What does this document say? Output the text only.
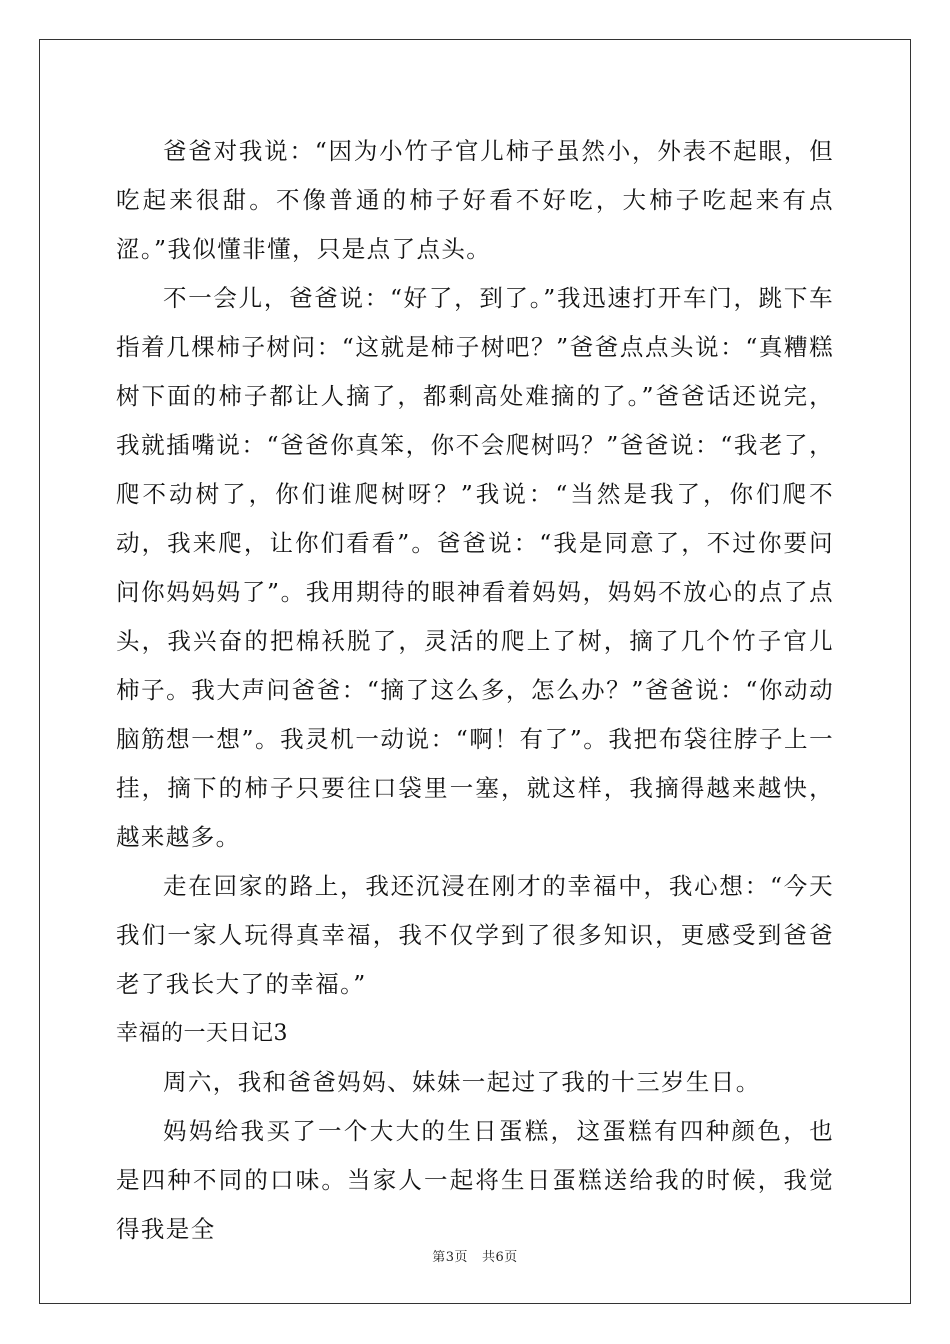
爸爸对我说：“因为小竹子官儿柿子虽然小，外表不起眼，但吃起来很甜。不像普通的柿子好看不好吃，大柿子吃起来有点涩。”我似懂非懂，只是点了点头。

不一会儿，爸爸说：“好了，到了。”我迅速打开车门，跳下车指着几棵柿子树问：“这就是柿子树吧？”爸爸点点头说：“真糟糕树下面的柿子都让人摘了，都剩高处难摘的了。”爸爸话还说完，我就插嘴说：“爸爸你真笨，你不会爬树吗？”爸爸说：“我老了，爬不动树了，你们谁爬树呀？”我说：“当然是我了，你们爬不动，我来爬，让你们看看”。爸爸说：“我是同意了，不过你要问问你妈妈妈了”。我用期待的眼神看着妈妈，妈妈不放心的点了点头，我兴奋的把棉袄脱了，灵活的爬上了树，摘了几个竹子官儿柿子。我大声问爸爸：“摘了这么多，怎么办？”爸爸说：“你动动脑筋想一想”。我灵机一动说：“啊！有了”。我把布袋往脖子上一挂，摘下的柿子只要往口袋里一塞，就这样，我摘得越来越快，越来越多。

走在回家的路上，我还沉浸在刚才的幸福中，我心想：“今天我们一家人玩得真幸福，我不仅学到了很多知识，更感受到爸爸老了我长大了的幸福。”

幸福的一天日记3

周六，我和爸爸妈妈、妹妹一起过了我的十三岁生日。

妈妈给我买了一个大大的生日蛋糕，这蛋糕有四种颜色，也是四种不同的口味。当家人一起将生日蛋糕送给我的时候，我觉得我是全

第3页 共6页
